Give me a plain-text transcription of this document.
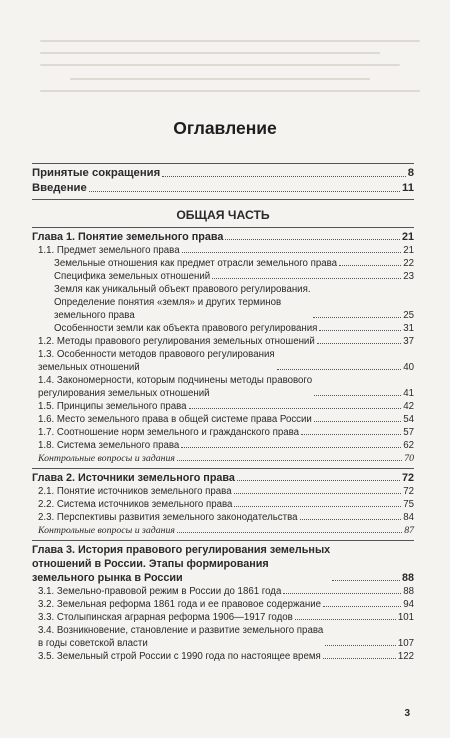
Оглавление
Принятые сокращения	8
Введение	11
ОБЩАЯ ЧАСТЬ
Глава 1. Понятие земельного права	21
1.1. Предмет земельного права	21
Земельные отношения как предмет отрасли земельного права	22
Специфика земельных отношений	23
Земля как уникальный объект правового регулирования.
Определение понятия «земля» и других терминов
земельного права	25
Особенности земли как объекта правового регулирования	31
1.2. Методы правового регулирования земельных отношений	37
1.3. Особенности методов правового регулирования
земельных отношений	40
1.4. Закономерности, которым подчинены методы правового
регулирования земельных отношений	41
1.5. Принципы земельного права	42
1.6. Место земельного права в общей системе права России	54
1.7. Соотношение норм земельного и гражданского права	57
1.8. Система земельного права	62
Контрольные вопросы и задания	70
Глава 2. Источники земельного права	72
2.1. Понятие источников земельного права	72
2.2. Система источников земельного права	75
2.3. Перспективы развития земельного законодательства	84
Контрольные вопросы и задания	87
Глава 3. История правового регулирования земельных
отношений в России. Этапы формирования
земельного рынка в России	88
3.1. Земельно-правовой режим в России до 1861 года	88
3.2. Земельная реформа 1861 года и ее правовое содержание	94
3.3. Столыпинская аграрная реформа 1906—1917 годов	101
3.4. Возникновение, становление и развитие земельного права
в годы советской власти	107
3.5. Земельный строй России с 1990 года по настоящее время	122
3
